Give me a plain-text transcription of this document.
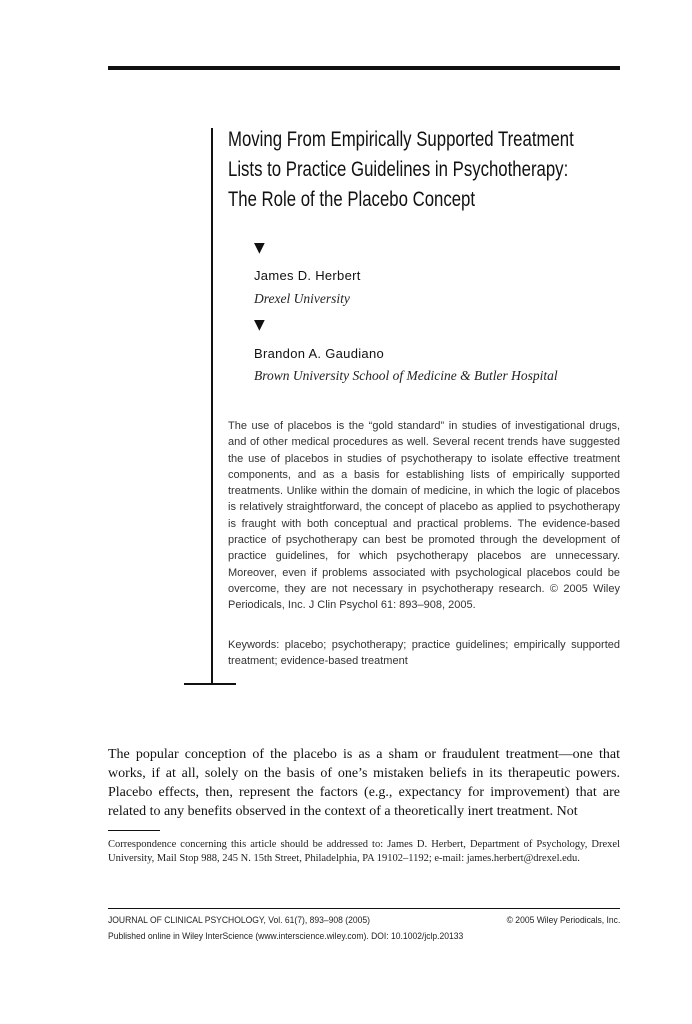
Moving From Empirically Supported Treatment
Lists to Practice Guidelines in Psychotherapy:
The Role of the Placebo Concept
▼
James D. Herbert
Drexel University
▼
Brandon A. Gaudiano
Brown University School of Medicine & Butler Hospital

The use of placebos is the “gold standard” in studies of investigational drugs, and of other medical procedures as well. Several recent trends have suggested the use of placebos in studies of psychotherapy to isolate effective treatment components, and as a basis for establishing lists of empirically supported treatments. Unlike within the domain of medicine, in which the logic of placebos is relatively straightforward, the concept of placebo as applied to psychotherapy is fraught with both conceptual and practical problems. The evidence-based practice of psychotherapy can best be promoted through the development of practice guidelines, for which psychotherapy placebos are unnecessary. Moreover, even if problems associated with psychological placebos could be overcome, they are not necessary in psychotherapy research. © 2005 Wiley Periodicals, Inc. J Clin Psychol 61: 893–908, 2005.

Keywords: placebo; psychotherapy; practice guidelines; empirically supported treatment; evidence-based treatment

The popular conception of the placebo is as a sham or fraudulent treatment—one that works, if at all, solely on the basis of one’s mistaken beliefs in its therapeutic powers. Placebo effects, then, represent the factors (e.g., expectancy for improvement) that are related to any benefits observed in the context of a theoretically inert treatment. Not

Correspondence concerning this article should be addressed to: James D. Herbert, Department of Psychology, Drexel University, Mail Stop 988, 245 N. 15th Street, Philadelphia, PA 19102–1192; e-mail: james.herbert@drexel.edu.

JOURNAL OF CLINICAL PSYCHOLOGY, Vol. 61(7), 893–908 (2005)	© 2005 Wiley Periodicals, Inc.
Published online in Wiley InterScience (www.interscience.wiley.com). DOI: 10.1002/jclp.20133
